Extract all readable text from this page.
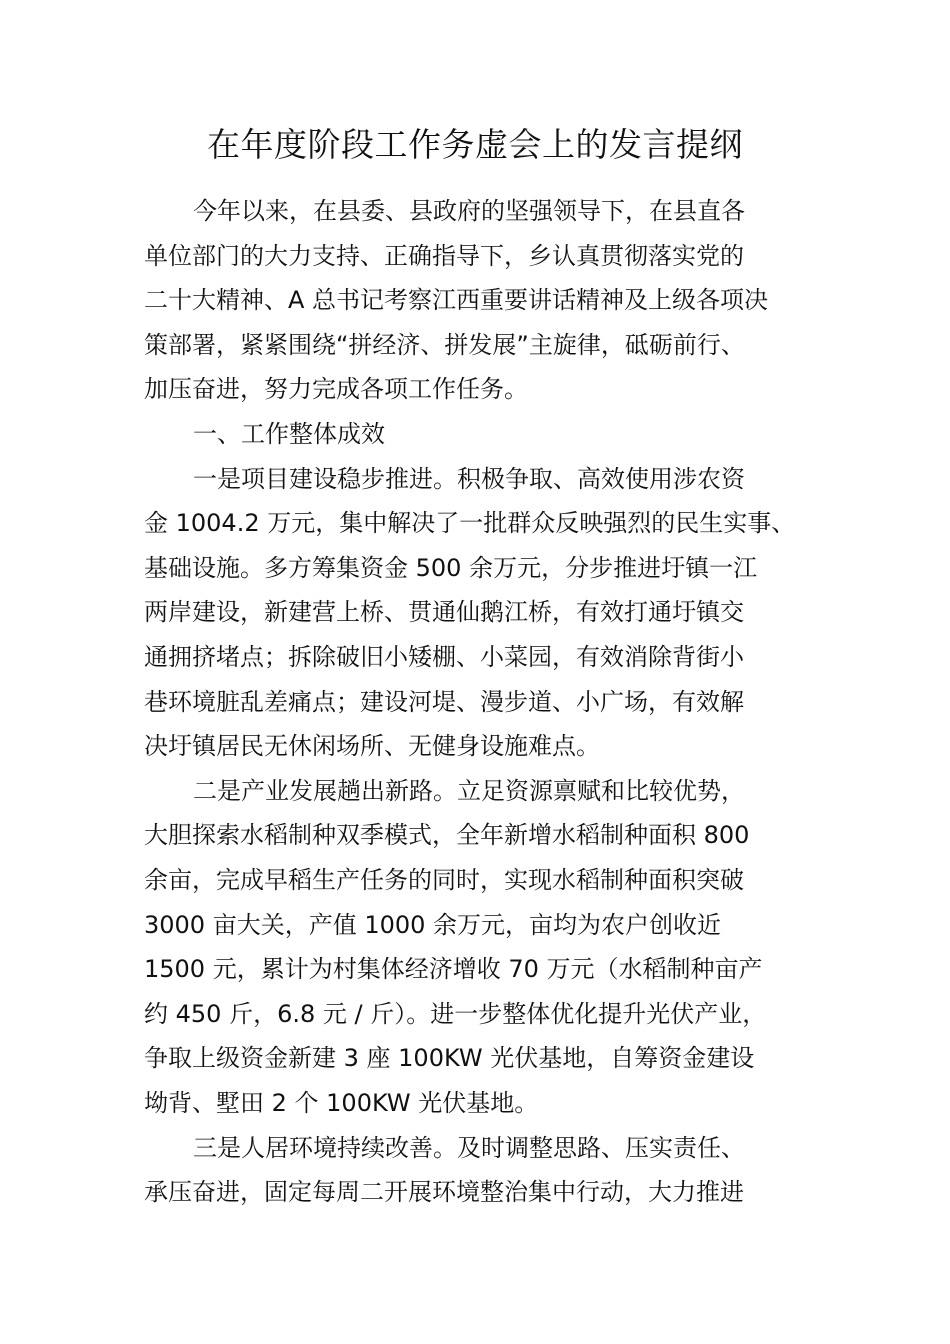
在年度阶段工作务虚会上的发言提纲

今年以来，在县委、县政府的坚强领导下，在县直各

单位部门的大力支持、正确指导下，乡认真贯彻落实党的

二十大精神、A 总书记考察江西重要讲话精神及上级各项决

策部署，紧紧围绕“拼经济、拼发展”主旋律，砥砺前行、

加压奋进，努力完成各项工作任务。

一、工作整体成效

一是项目建设稳步推进。积极争取、高效使用涉农资

金 1004.2 万元，集中解决了一批群众反映强烈的民生实事、

基础设施。多方筹集资金 500 余万元，分步推进圩镇一江

两岸建设，新建营上桥、贯通仙鹅江桥，有效打通圩镇交

通拥挤堵点；拆除破旧小矮棚、小菜园，有效消除背街小

巷环境脏乱差痛点；建设河堤、漫步道、小广场，有效解

决圩镇居民无休闲场所、无健身设施难点。

二是产业发展趟出新路。立足资源禀赋和比较优势，

大胆探索水稻制种双季模式，全年新增水稻制种面积 800

余亩，完成早稻生产任务的同时，实现水稻制种面积突破

3000 亩大关，产值 1000 余万元，亩均为农户创收近

1500 元，累计为村集体经济增收 70 万元（水稻制种亩产

约 450 斤，6.8 元 / 斤）。进一步整体优化提升光伏产业，

争取上级资金新建 3 座 100KW 光伏基地，自筹资金建设

坳背、墅田 2 个 100KW 光伏基地。

三是人居环境持续改善。及时调整思路、压实责任、

承压奋进，固定每周二开展环境整治集中行动，大力推进
